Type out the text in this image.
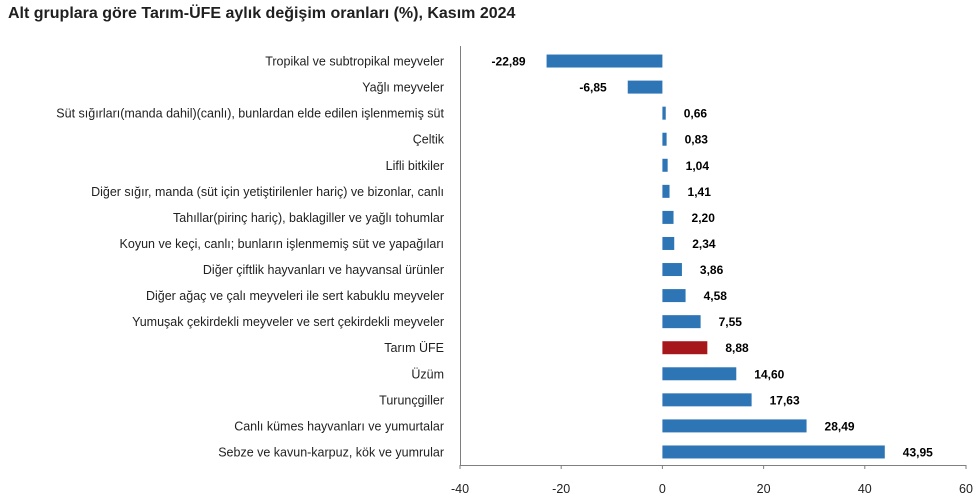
Alt gruplara göre Tarım-ÜFE aylık değişim oranları (%), Kasım 2024
Tropikal ve subtropikal meyveler
Yağlı meyveler
Süt sığırları(manda dahil)(canlı), bunlardan elde edilen işlenmemiş süt
Çeltik
Lifli bitkiler
Diğer sığır, manda (süt için yetiştirilenler hariç) ve bizonlar, canlı
Tahıllar(pirinç hariç), baklagiller ve yağlı tohumlar
Koyun ve keçi, canlı; bunların işlenmemiş süt ve yapağıları
Diğer çiftlik hayvanları ve hayvansal ürünler
Diğer ağaç ve çalı meyveleri ile sert kabuklu meyveler
Yumuşak çekirdekli meyveler ve sert çekirdekli meyveler
Tarım ÜFE
Üzüm
Turunçgiller
Canlı kümes hayvanları ve yumurtalar
Sebze ve kavun-karpuz, kök ve yumrular
-22,89
-6,85
0,66
0,83
1,04
1,41
2,20
2,34
3,86
4,58
7,55
8,88
14,60
17,63
28,49
43,95
-40	-20	0	20	40	60
